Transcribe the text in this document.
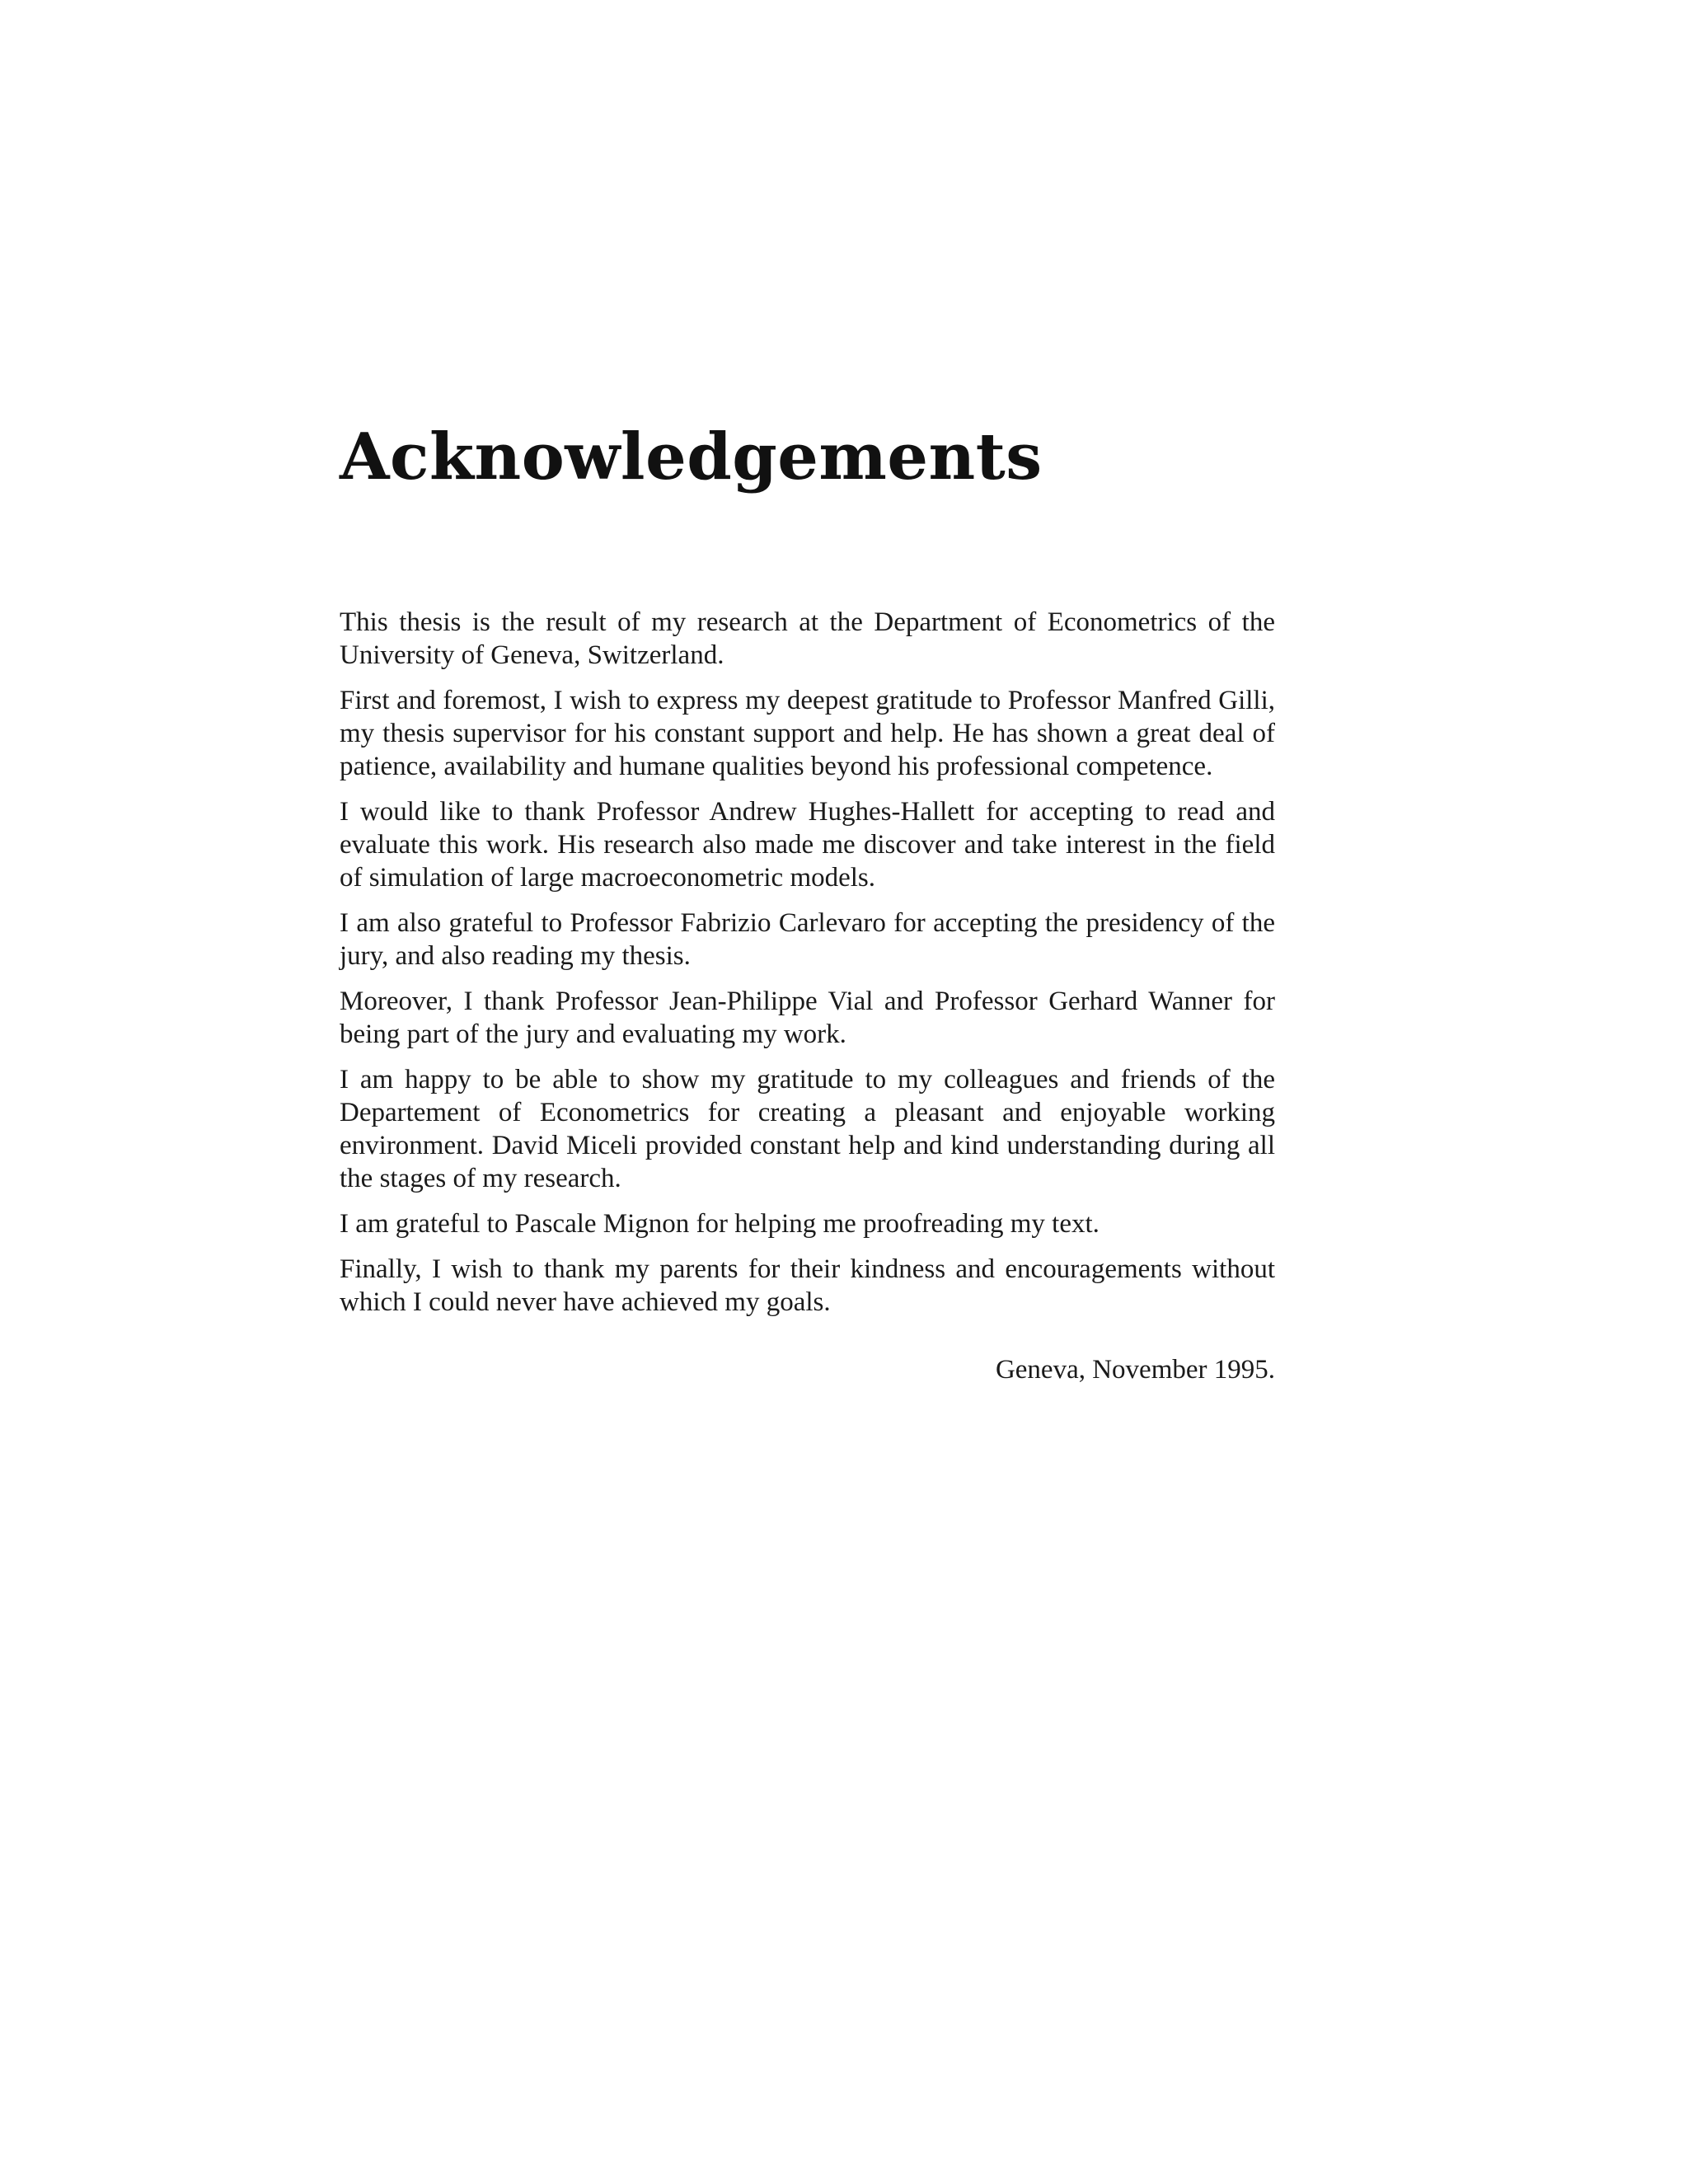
Acknowledgements

This thesis is the result of my research at the Department of Econometrics of the University of Geneva, Switzerland.

First and foremost, I wish to express my deepest gratitude to Professor Manfred Gilli, my thesis supervisor for his constant support and help. He has shown a great deal of patience, availability and humane qualities beyond his professional competence.

I would like to thank Professor Andrew Hughes-Hallett for accepting to read and evaluate this work. His research also made me discover and take interest in the field of simulation of large macroeconometric models.

I am also grateful to Professor Fabrizio Carlevaro for accepting the presidency of the jury, and also reading my thesis.

Moreover, I thank Professor Jean-Philippe Vial and Professor Gerhard Wanner for being part of the jury and evaluating my work.

I am happy to be able to show my gratitude to my colleagues and friends of the Departement of Econometrics for creating a pleasant and enjoyable working environment. David Miceli provided constant help and kind understanding during all the stages of my research.

I am grateful to Pascale Mignon for helping me proofreading my text.

Finally, I wish to thank my parents for their kindness and encouragements without which I could never have achieved my goals.

Geneva, November 1995.
